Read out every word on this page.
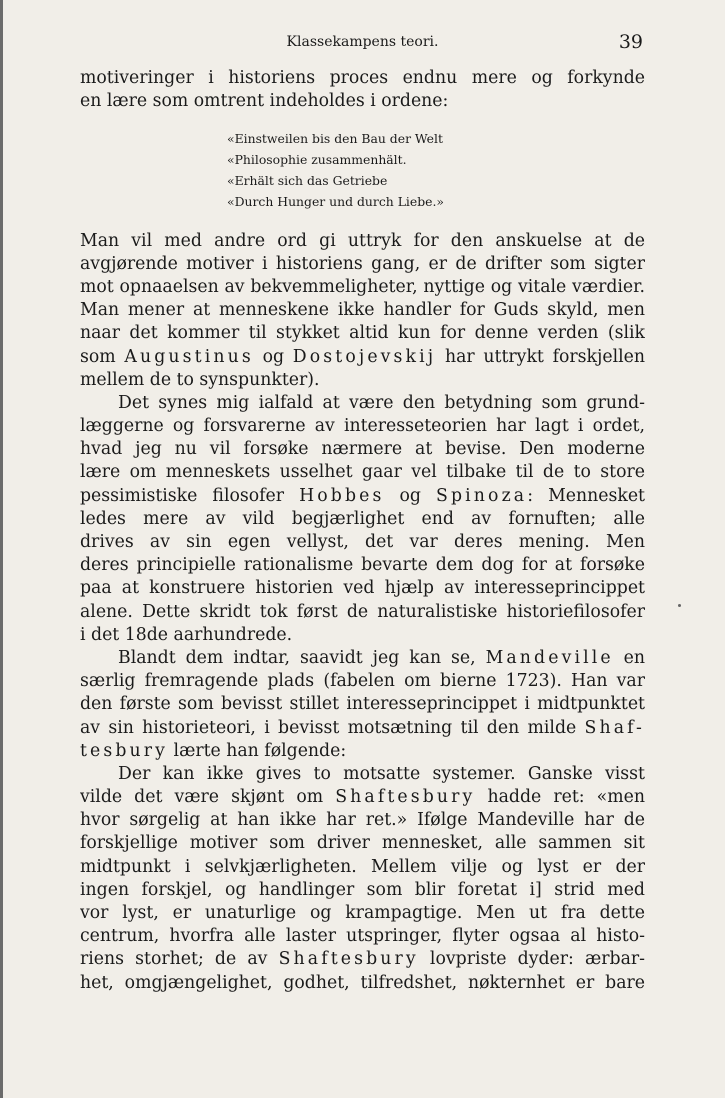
Klassekampens teori.	39
motiveringer i historiens proces endnu mere og forkynde
en lære som omtrent indeholdes i ordene:
«Einstweilen bis den Bau der Welt
«Philosophie zusammenhält.
«Erhält sich das Getriebe
«Durch Hunger und durch Liebe.»
Man vil med andre ord gi uttryk for den anskuelse at de
avgjørende motiver i historiens gang, er de drifter som sigter
mot opnaaelsen av bekvemmeligheter, nyttige og vitale værdier.
Man mener at menneskene ikke handler for Guds skyld, men
naar det kommer til stykket altid kun for denne verden (slik
som Augustinus og Dostojevskij har uttrykt forskjellen
mellem de to synspunkter).
Det synes mig ialfald at være den betydning som grund-
læggerne og forsvarerne av interesseteorien har lagt i ordet,
hvad jeg nu vil forsøke nærmere at bevise. Den moderne
lære om menneskets usselhet gaar vel tilbake til de to store
pessimistiske filosofer Hobbes og Spinoza: Mennesket
ledes mere av vild begjærlighet end av fornuften; alle
drives av sin egen vellyst, det var deres mening. Men
deres principielle rationalisme bevarte dem dog for at forsøke
paa at konstruere historien ved hjælp av interesseprincippet
alene. Dette skridt tok først de naturalistiske historiefilosofer
i det 18de aarhundrede.
Blandt dem indtar, saavidt jeg kan se, Mandeville en
særlig fremragende plads (fabelen om bierne 1723). Han var
den første som bevisst stillet interesseprincippet i midtpunktet
av sin historieteori, i bevisst motsætning til den milde Shaf-
tesbury lærte han følgende:
Der kan ikke gives to motsatte systemer. Ganske visst
vilde det være skjønt om Shaftesbury hadde ret: «men
hvor sørgelig at han ikke har ret.» Ifølge Mandeville har de
forskjellige motiver som driver mennesket, alle sammen sit
midtpunkt i selvkjærligheten. Mellem vilje og lyst er der
ingen forskjel, og handlinger som blir foretat i] strid med
vor lyst, er unaturlige og krampagtige. Men ut fra dette
centrum, hvorfra alle laster utspringer, flyter ogsaa al histo-
riens storhet; de av Shaftesbury lovpriste dyder: ærbar-
het, omgjængelighet, godhet, tilfredshet, nøkternhet er bare
